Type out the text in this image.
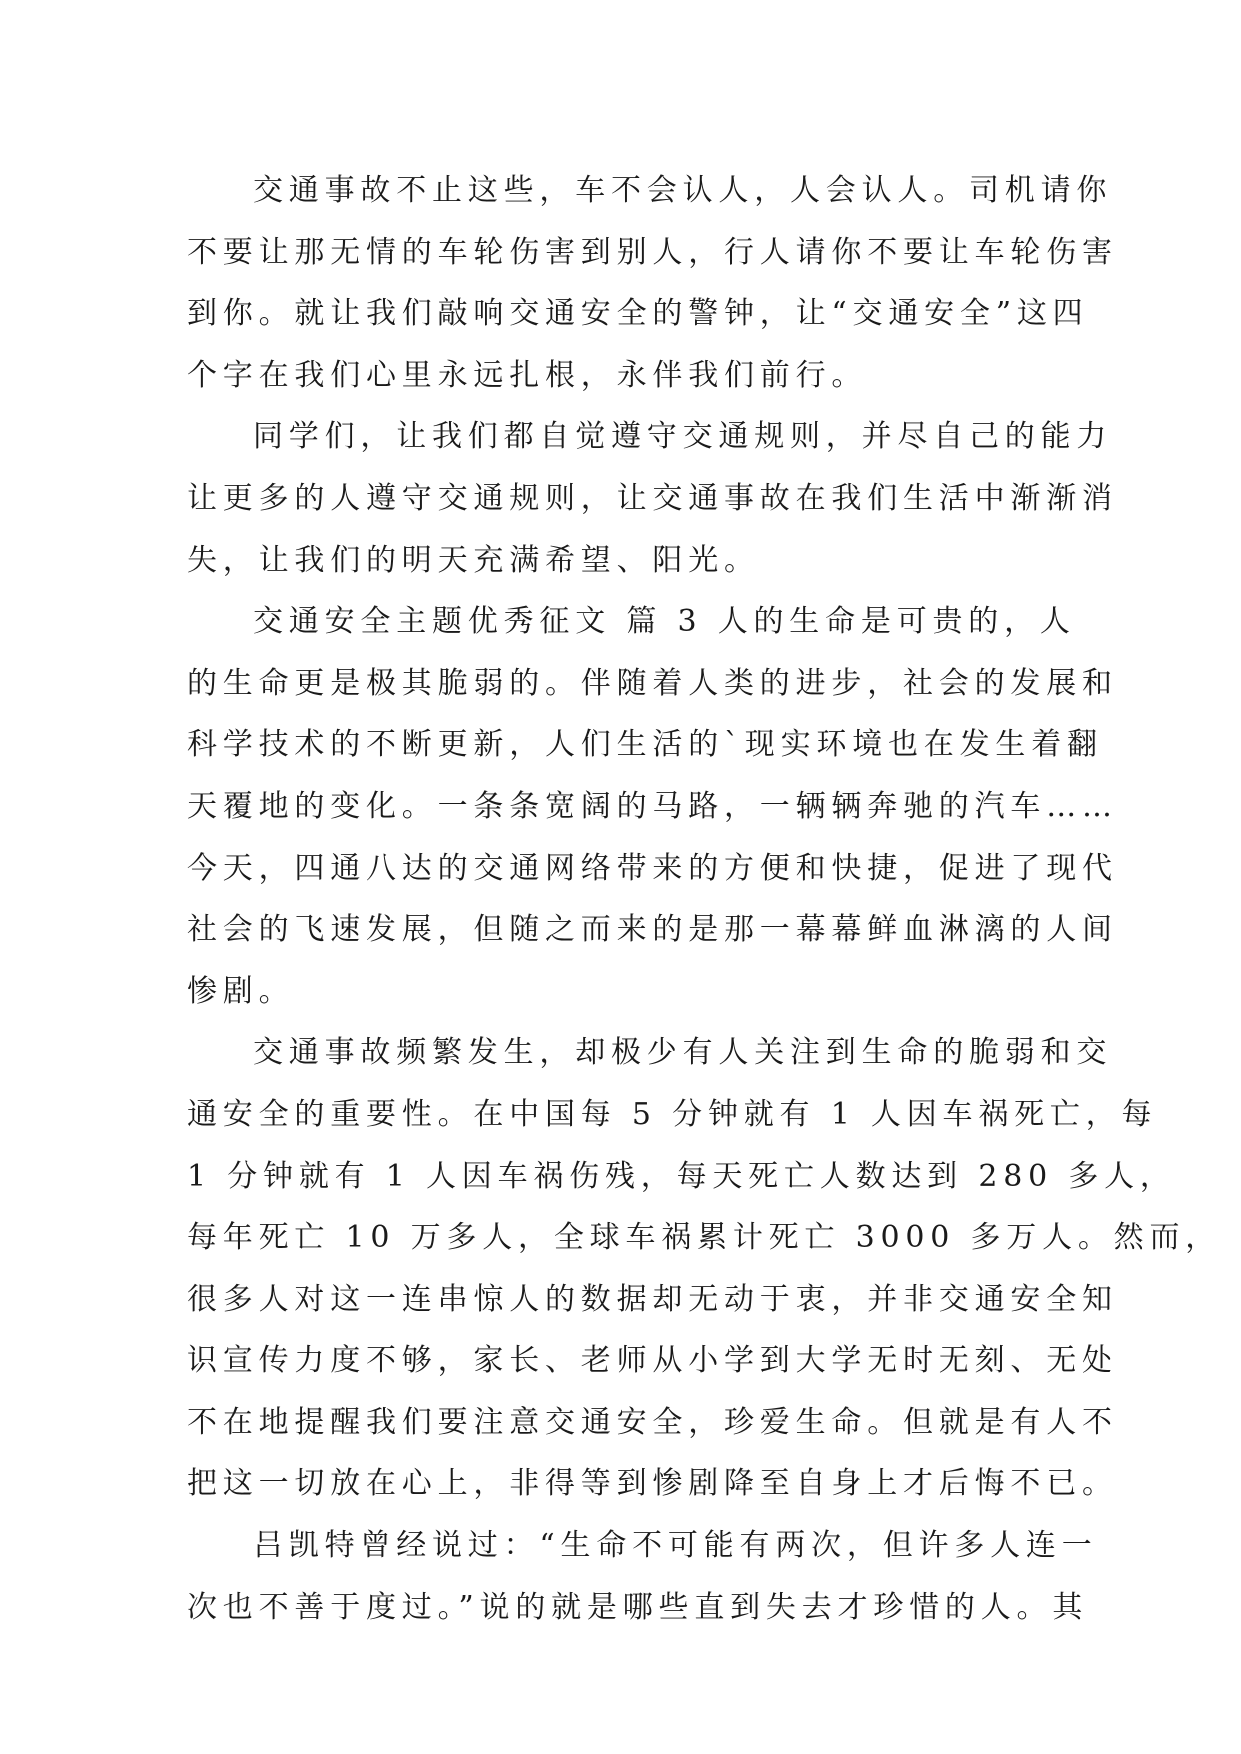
交通事故不止这些，车不会认人，人会认人。司机请你
不要让那无情的车轮伤害到别人，行人请你不要让车轮伤害
到你。就让我们敲响交通安全的警钟，让“交通安全”这四
个字在我们心里永远扎根，永伴我们前行。
同学们，让我们都自觉遵守交通规则，并尽自己的能力
让更多的人遵守交通规则，让交通事故在我们生活中渐渐消
失，让我们的明天充满希望、阳光。
交通安全主题优秀征文 篇 3 人的生命是可贵的，人
的生命更是极其脆弱的。伴随着人类的进步，社会的发展和
科学技术的不断更新，人们生活的`现实环境也在发生着翻
天覆地的变化。一条条宽阔的马路，一辆辆奔驰的汽车……
今天，四通八达的交通网络带来的方便和快捷，促进了现代
社会的飞速发展，但随之而来的是那一幕幕鲜血淋漓的人间
惨剧。
交通事故频繁发生，却极少有人关注到生命的脆弱和交
通安全的重要性。在中国每 5 分钟就有 1 人因车祸死亡，每
1 分钟就有 1 人因车祸伤残，每天死亡人数达到 280 多人，
每年死亡 10 万多人，全球车祸累计死亡 3000 多万人。然而，
很多人对这一连串惊人的数据却无动于衷，并非交通安全知
识宣传力度不够，家长、老师从小学到大学无时无刻、无处
不在地提醒我们要注意交通安全，珍爱生命。但就是有人不
把这一切放在心上，非得等到惨剧降至自身上才后悔不已。
吕凯特曾经说过：“生命不可能有两次，但许多人连一
次也不善于度过。”说的就是哪些直到失去才珍惜的人。其
